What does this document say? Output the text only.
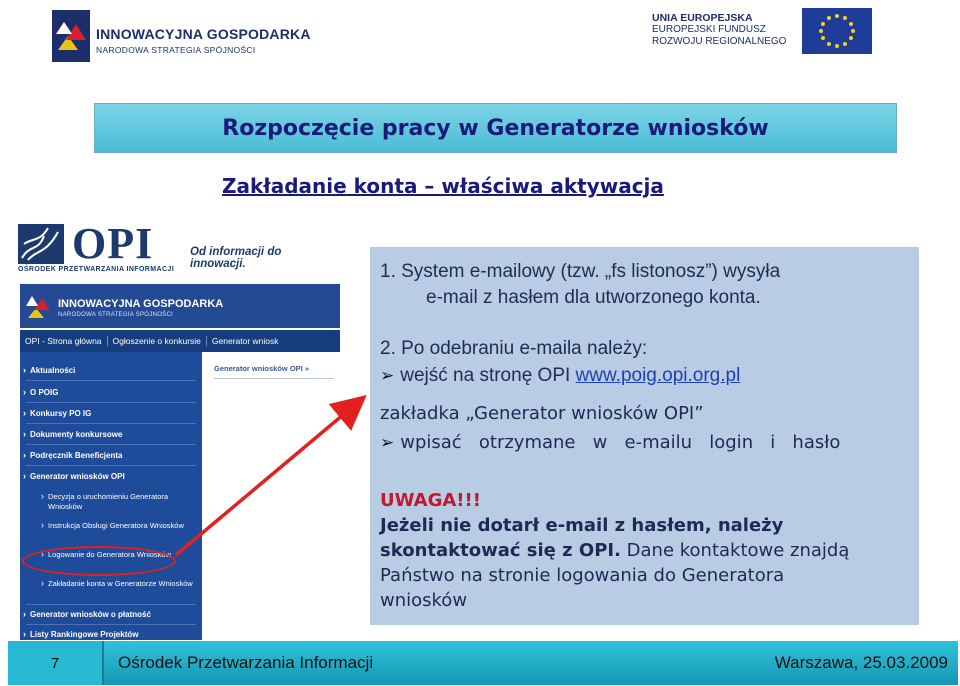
INNOWACYJNA GOSPODARKA
NARODOWA STRATEGIA SPÓJNOŚCI
UNIA EUROPEJSKA
EUROPEJSKI FUNDUSZ
ROZWOJU REGIONALNEGO
Rozpoczęcie pracy w Generatorze wniosków
Zakładanie konta – właściwa aktywacja
OPI
OŚRODEK PRZETWARZANIA INFORMACJI
Od informacji do innowacji.
INNOWACYJNA GOSPODARKA
NARODOWA STRATEGIA SPÓJNOŚCI
OPI - Strona główna	Ogłoszenie o konkursie	Generator wniosk
› Aktualności
› O POIG
› Konkursy PO IG
› Dokumenty konkursowe
› Podręcznik Beneficjenta
› Generator wniosków OPI
› Decyzja o uruchomieniu Generatora Wniosków
› Instrukcja Obsługi Generatora Wniosków
› Logowanie do Generatora Wniosków
› Zakładanie konta w Generatorze Wniosków
› Generator wniosków o płatność
› Listy Rankingowe Projektów
Generator wniosków OPI »
1. System e-mailowy (tzw. „fs listonosz”) wysyła
e-mail z hasłem dla utworzonego konta.
2. Po odebraniu e-maila należy:
➢ wejść na stronę OPI www.poig.opi.org.pl
zakładka „Generator wniosków OPI”
➢ wpisać   otrzymane   w   e-mailu   login   i   hasło
UWAGA!!!
Jeżeli nie dotarł e-mail z hasłem, należy
skontaktować się z OPI. Dane kontaktowe znajdą
Państwo na stronie logowania do Generatora
wniosków
7	Ośrodek Przetwarzania Informacji	Warszawa, 25.03.2009
